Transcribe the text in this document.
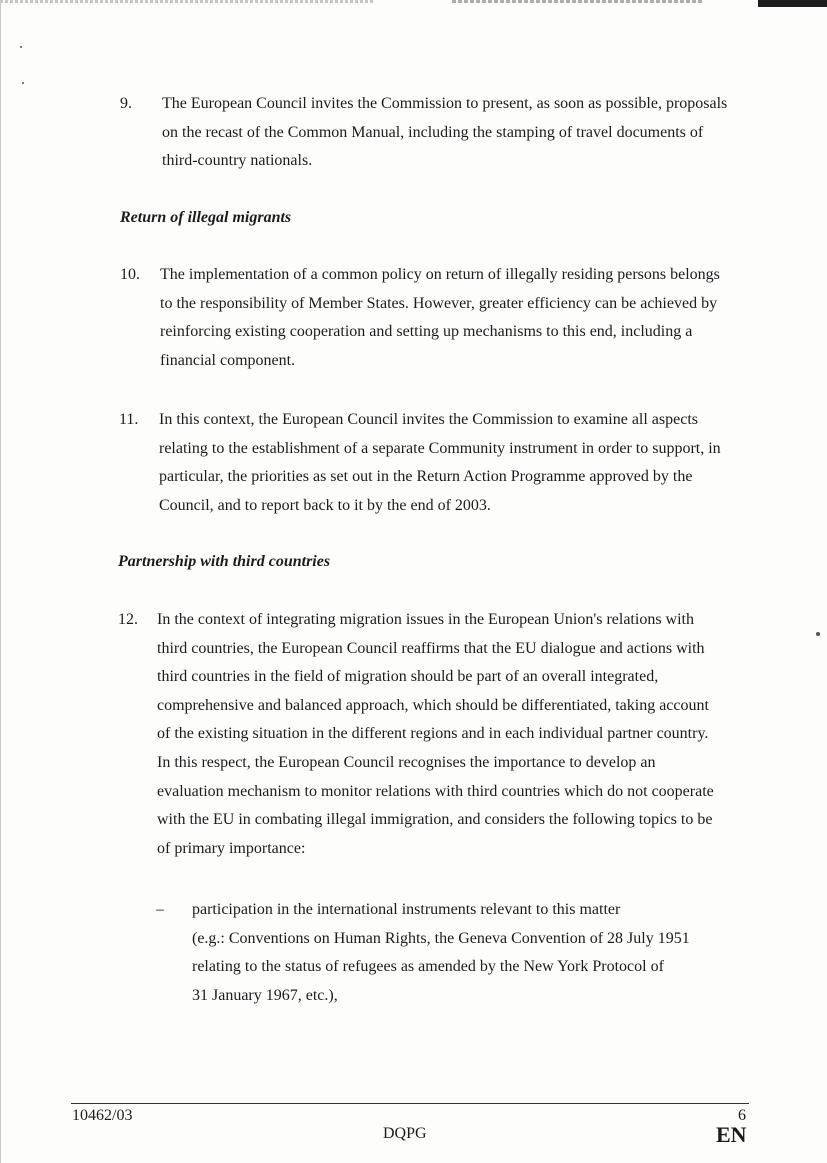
9. The European Council invites the Commission to present, as soon as possible, proposals
on the recast of the Common Manual, including the stamping of travel documents of
third-country nationals.
Return of illegal migrants
10. The implementation of a common policy on return of illegally residing persons belongs
to the responsibility of Member States. However, greater efficiency can be achieved by
reinforcing existing cooperation and setting up mechanisms to this end, including a
financial component.
11. In this context, the European Council invites the Commission to examine all aspects
relating to the establishment of a separate Community instrument in order to support, in
particular, the priorities as set out in the Return Action Programme approved by the
Council, and to report back to it by the end of 2003.
Partnership with third countries
12. In the context of integrating migration issues in the European Union's relations with
third countries, the European Council reaffirms that the EU dialogue and actions with
third countries in the field of migration should be part of an overall integrated,
comprehensive and balanced approach, which should be differentiated, taking account
of the existing situation in the different regions and in each individual partner country.
In this respect, the European Council recognises the importance to develop an
evaluation mechanism to monitor relations with third countries which do not cooperate
with the EU in combating illegal immigration, and considers the following topics to be
of primary importance:
– participation in the international instruments relevant to this matter
(e.g.: Conventions on Human Rights, the Geneva Convention of 28 July 1951
relating to the status of refugees as amended by the New York Protocol of
31 January 1967, etc.),
10462/03
DQPG
6
EN
